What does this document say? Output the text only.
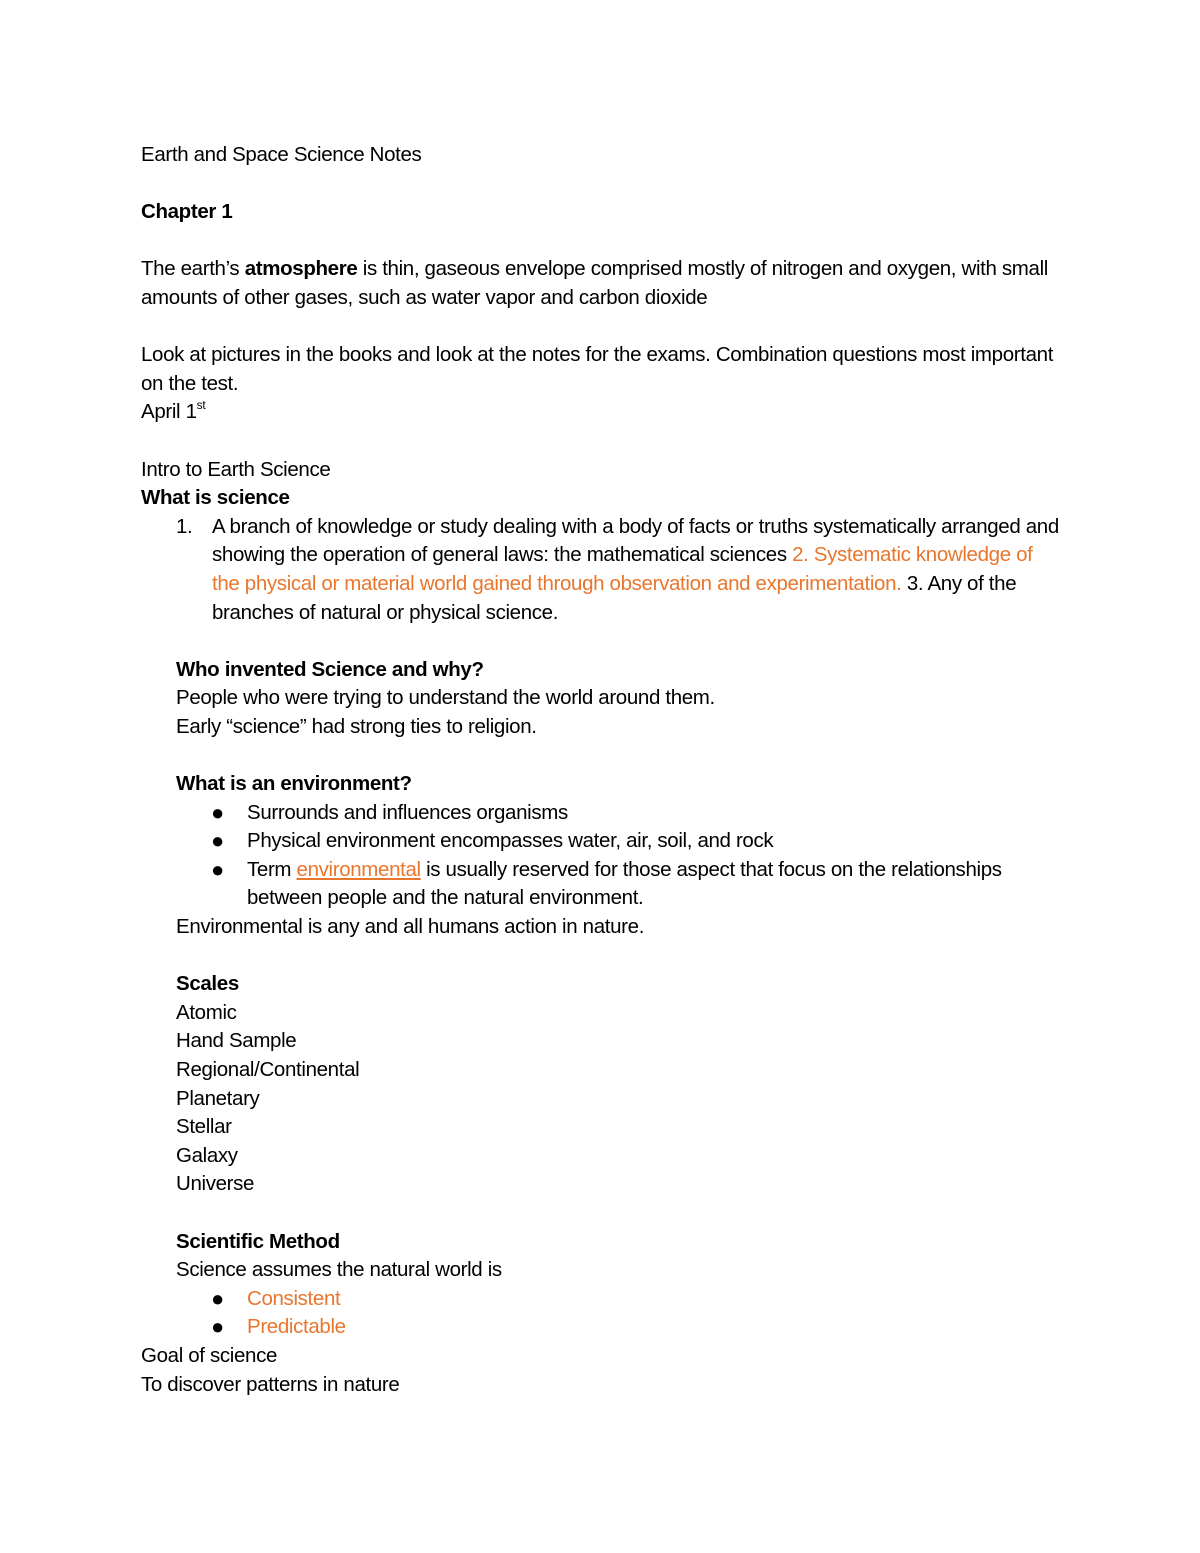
Earth and Space Science Notes

Chapter 1

The earth’s atmosphere is thin, gaseous envelope comprised mostly of nitrogen and oxygen, with small amounts of other gases, such as water vapor and carbon dioxide

Look at pictures in the books and look at the notes for the exams. Combination questions most important on the test.

April 1st

Intro to Earth Science

What is science

1. A branch of knowledge or study dealing with a body of facts or truths systematically arranged and showing the operation of general laws: the mathematical sciences 2. Systematic knowledge of the physical or material world gained through observation and experimentation. 3. Any of the branches of natural or physical science.

Who invented Science and why?

People who were trying to understand the world around them.

Early “science” had strong ties to religion.

What is an environment?

● Surrounds and influences organisms
● Physical environment encompasses water, air, soil, and rock
● Term environmental is usually reserved for those aspect that focus on the relationships between people and the natural environment.

Environmental is any and all humans action in nature.

Scales

Atomic

Hand Sample

Regional/Continental

Planetary

Stellar

Galaxy

Universe

Scientific Method

Science assumes the natural world is

● Consistent
● Predictable

Goal of science

To discover patterns in nature
